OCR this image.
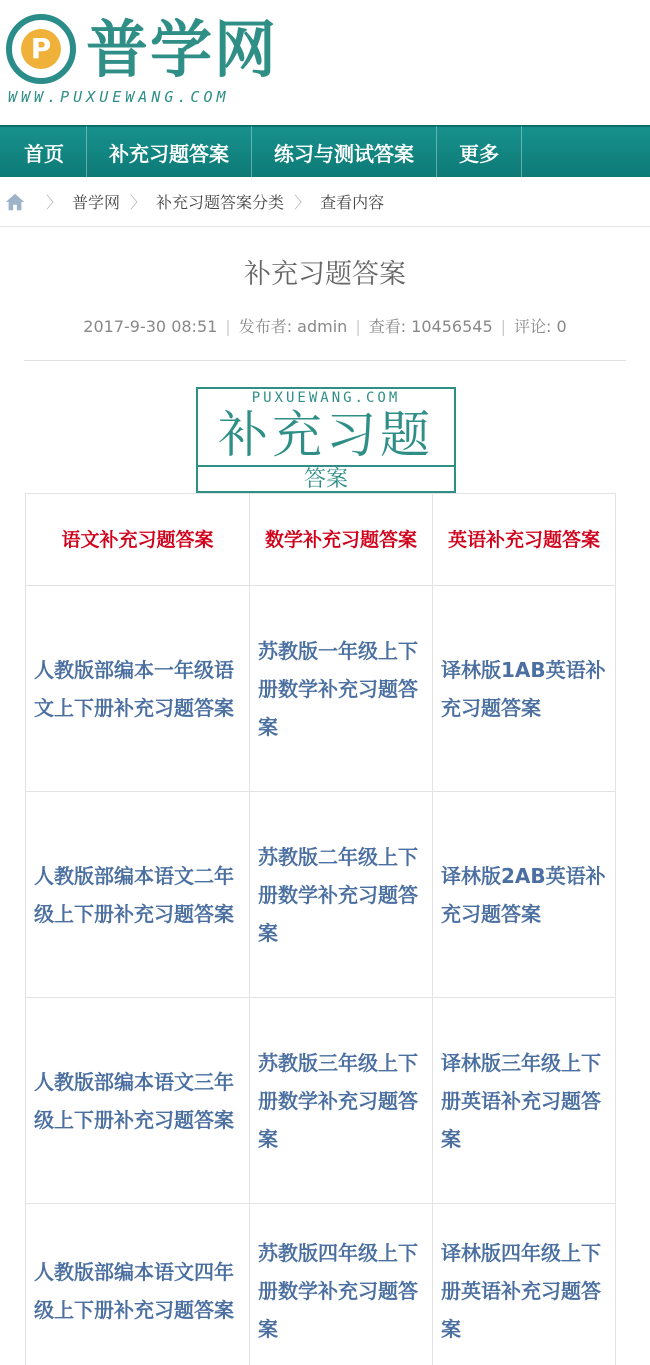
P 普学网
WWW.PUXUEWANG.COM
首页	补充习题答案	练习与测试答案	更多
〉 普学网 〉 补充习题答案分类 〉 查看内容
补充习题答案
2017-9-30 08:51 | 发布者: admin | 查看: 10456545 | 评论: 0
PUXUEWANG.COM
补充习题
答案
语文补充习题答案	数学补充习题答案	英语补充习题答案
人教版部编本一年级语文上下册补充习题答案	苏教版一年级上下册数学补充习题答案	译林版1AB英语补充习题答案
人教版部编本语文二年级上下册补充习题答案	苏教版二年级上下册数学补充习题答案	译林版2AB英语补充习题答案
人教版部编本语文三年级上下册补充习题答案	苏教版三年级上下册数学补充习题答案	译林版三年级上下册英语补充习题答案
人教版部编本语文四年级上下册补充习题答案	苏教版四年级上下册数学补充习题答案	译林版四年级上下册英语补充习题答案
